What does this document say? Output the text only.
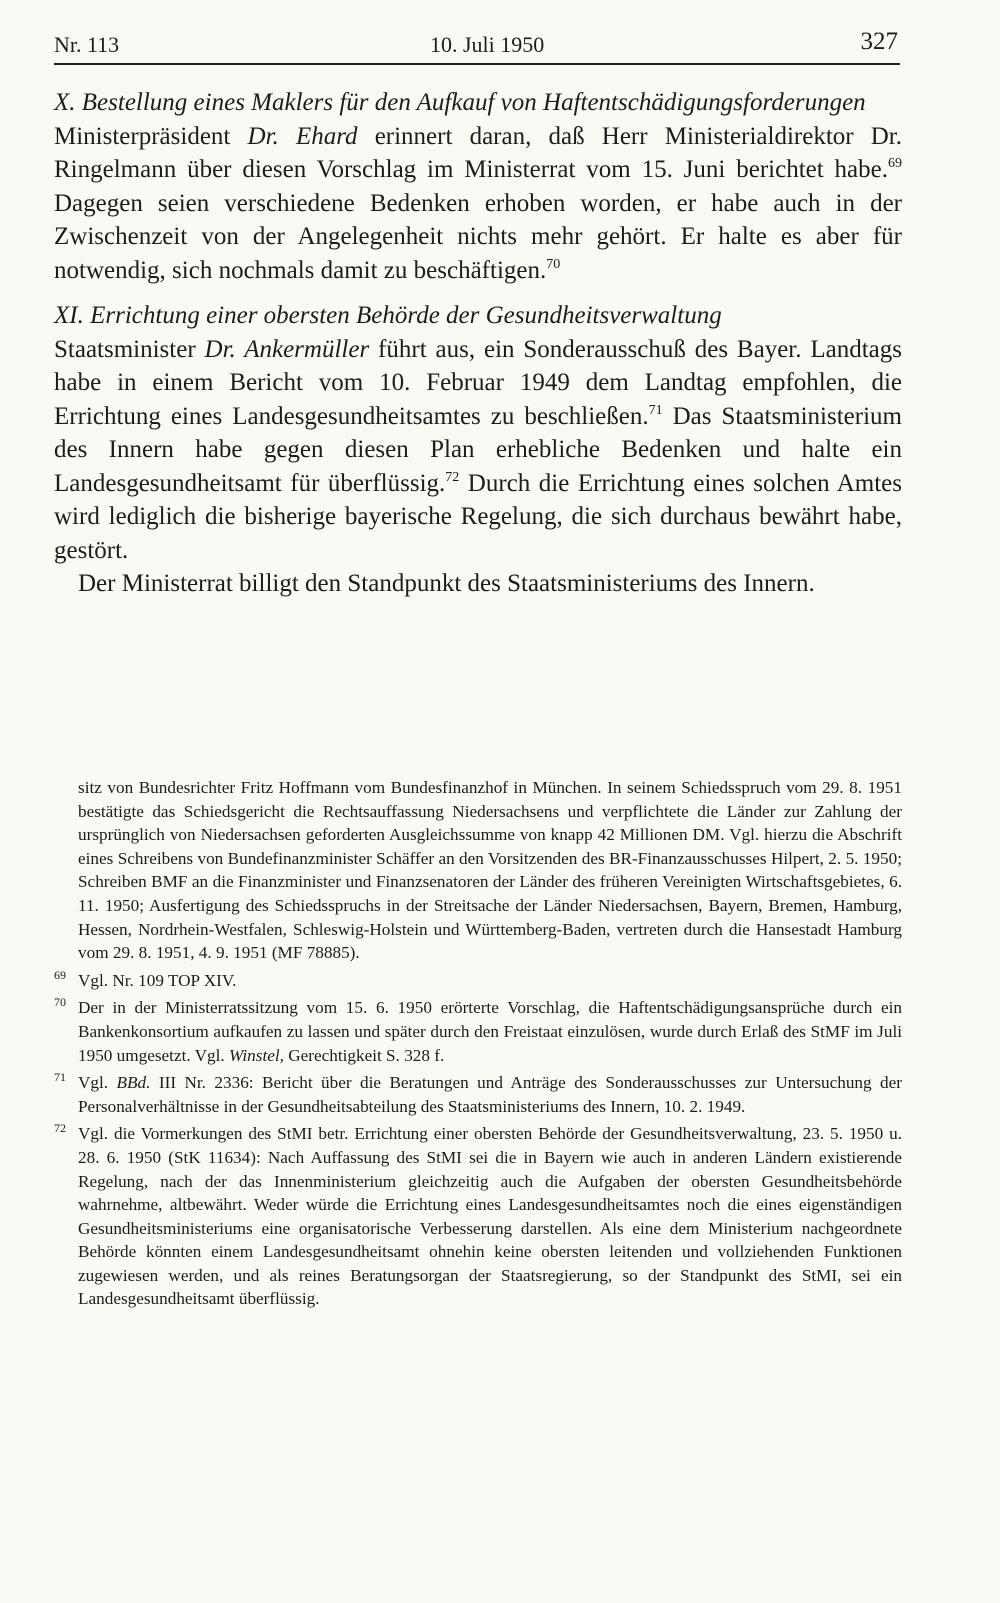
Nr. 113	10. Juli 1950	327

X. Bestellung eines Maklers für den Aufkauf von Haftentschädigungsforderungen

Ministerpräsident Dr. Ehard erinnert daran, daß Herr Ministerialdirektor Dr. Ringelmann über diesen Vorschlag im Ministerrat vom 15. Juni berichtet habe.$^{69}$ Dagegen seien verschiedene Bedenken erhoben worden, er habe auch in der Zwischenzeit von der Angelegenheit nichts mehr gehört. Er halte es aber für notwendig, sich nochmals damit zu beschäftigen.$^{70}$

XI. Errichtung einer obersten Behörde der Gesundheitsverwaltung

Staatsminister Dr. Ankermüller führt aus, ein Sonderausschuß des Bayer. Landtags habe in einem Bericht vom 10. Februar 1949 dem Landtag empfohlen, die Errichtung eines Landesgesundheitsamtes zu beschließen.$^{71}$ Das Staatsministerium des Innern habe gegen diesen Plan erhebliche Bedenken und halte ein Landesgesundheitsamt für überflüssig.$^{72}$ Durch die Errichtung eines solchen Amtes wird lediglich die bisherige bayerische Regelung, die sich durchaus bewährt habe, gestört.

Der Ministerrat billigt den Standpunkt des Staatsministeriums des Innern.

sitz von Bundesrichter Fritz Hoffmann vom Bundesfinanzhof in München. In seinem Schiedsspruch vom 29. 8. 1951 bestätigte das Schiedsgericht die Rechtsauffassung Niedersachsens und verpflichtete die Länder zur Zahlung der ursprünglich von Niedersachsen geforderten Ausgleichssumme von knapp 42 Millionen DM. Vgl. hierzu die Abschrift eines Schreibens von Bundefinanzminister Schäffer an den Vorsitzenden des BR-Finanzausschusses Hilpert, 2. 5. 1950; Schreiben BMF an die Finanzminister und Finanzsenatoren der Länder des früheren Vereinigten Wirtschaftsgebietes, 6. 11. 1950; Ausfertigung des Schiedsspruchs in der Streitsache der Länder Niedersachsen, Bayern, Bremen, Hamburg, Hessen, Nordrhein-Westfalen, Schleswig-Holstein und Württemberg-Baden, vertreten durch die Hansestadt Hamburg vom 29. 8. 1951, 4. 9. 1951 (MF 78885).

69 Vgl. Nr. 109 TOP XIV.

70 Der in der Ministerratssitzung vom 15. 6. 1950 erörterte Vorschlag, die Haftentschädigungsansprüche durch ein Bankenkonsortium aufkaufen zu lassen und später durch den Freistaat einzulösen, wurde durch Erlaß des StMF im Juli 1950 umgesetzt. Vgl. Winstel, Gerechtigkeit S. 328 f.

71 Vgl. BBd. III Nr. 2336: Bericht über die Beratungen und Anträge des Sonderausschusses zur Untersuchung der Personalverhältnisse in der Gesundheitsabteilung des Staatsministeriums des Innern, 10. 2. 1949.

72 Vgl. die Vormerkungen des StMI betr. Errichtung einer obersten Behörde der Gesundheitsverwaltung, 23. 5. 1950 u. 28. 6. 1950 (StK 11634): Nach Auffassung des StMI sei die in Bayern wie auch in anderen Ländern existierende Regelung, nach der das Innenministerium gleichzeitig auch die Aufgaben der obersten Gesundheitsbehörde wahrnehme, altbewährt. Weder würde die Errichtung eines Landesgesundheitsamtes noch die eines eigenständigen Gesundheitsministeriums eine organisatorische Verbesserung darstellen. Als eine dem Ministerium nachgeordnete Behörde könnten einem Landesgesundheitsamt ohnehin keine obersten leitenden und vollziehenden Funktionen zugewiesen werden, und als reines Beratungsorgan der Staatsregierung, so der Standpunkt des StMI, sei ein Landesgesundheitsamt überflüssig.
